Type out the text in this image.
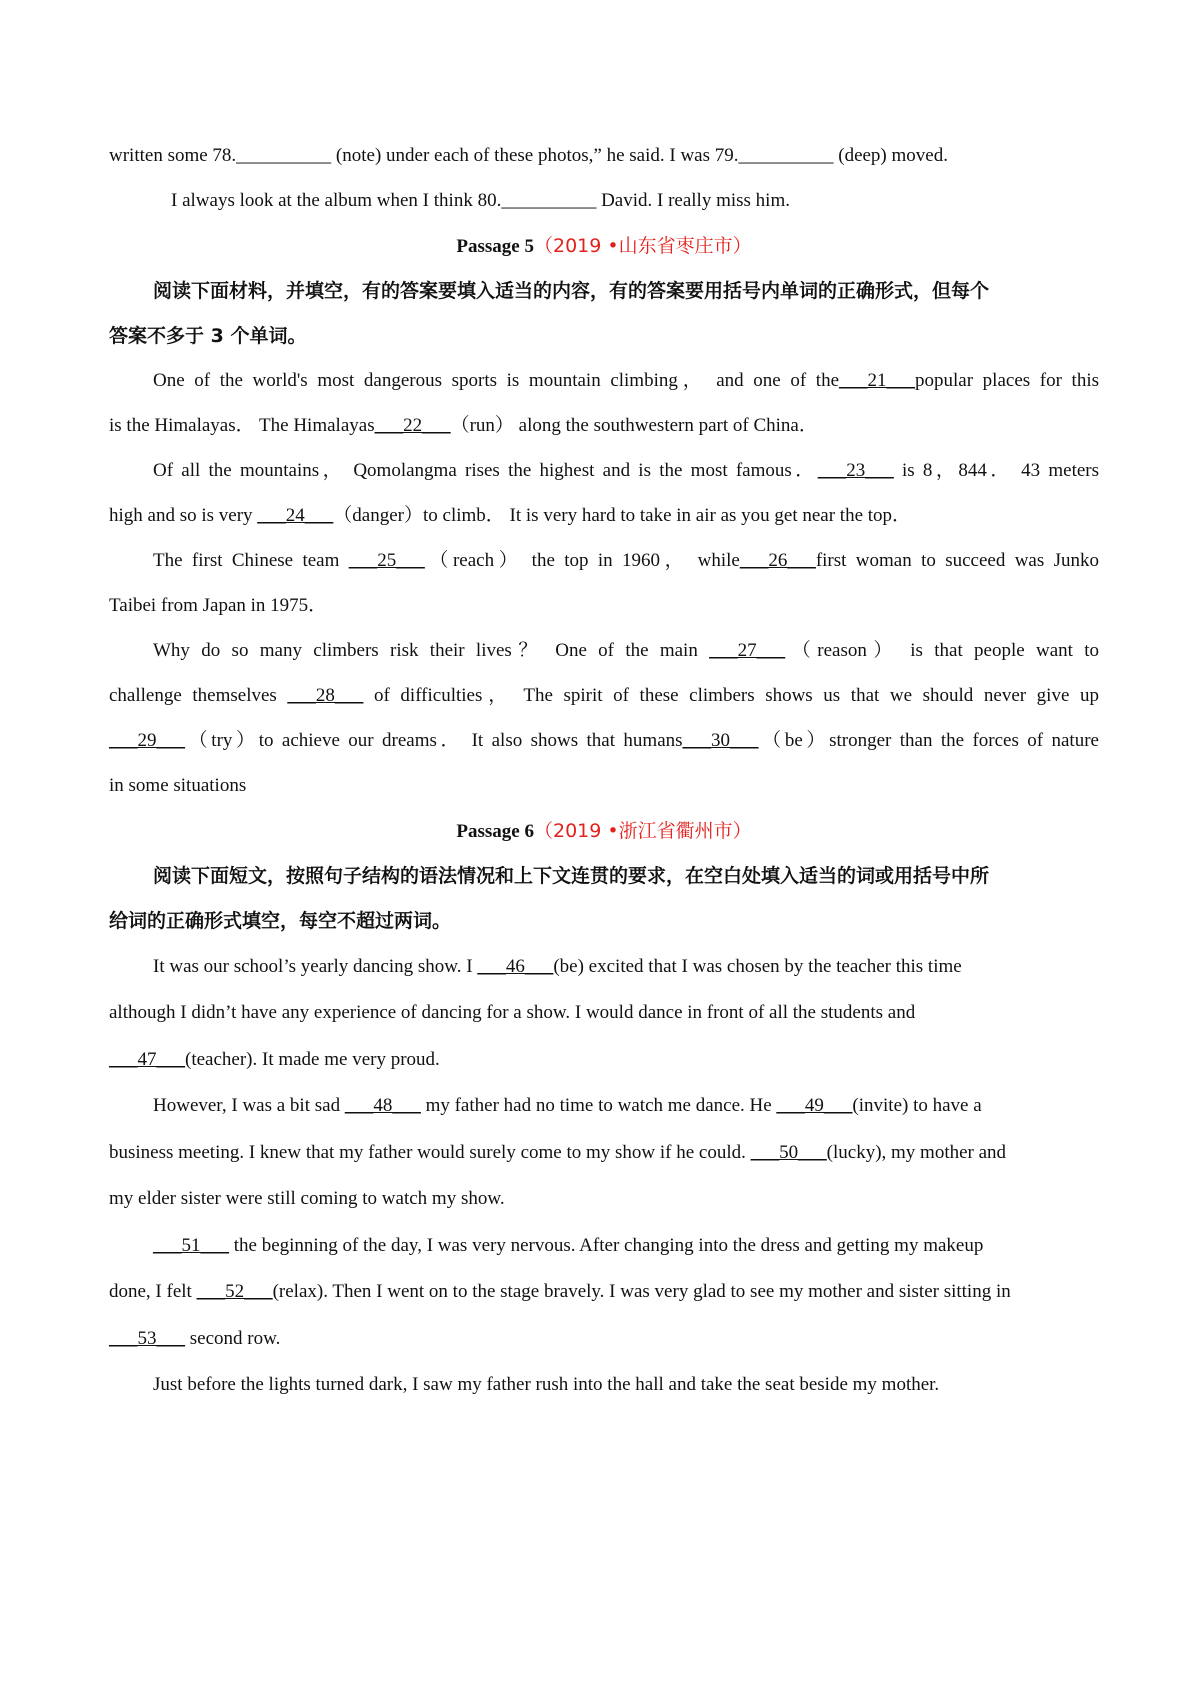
written some 78.__________ (note) under each of these photos,” he said. I was 79.__________ (deep) moved.
I always look at the album when I think 80.__________ David. I really miss him.
Passage 5（2019 •山东省枣庄市）
阅读下面材料，并填空，有的答案要填入适当的内容，有的答案要用括号内单词的正确形式，但每个
答案不多于 3 个单词。
One of the world's most dangerous sports is mountain climbing， and one of the___21___popular places for this
is the Himalayas． The Himalayas___22___（run） along the southwestern part of China．
Of all the mountains， Qomolangma rises the highest and is the most famous．___23___ is 8，844． 43 meters
high and so is very ___24___（danger）to climb． It is very hard to take in air as you get near the top．
The first Chinese team ___25___（reach） the top in 1960， while___26___first woman to succeed was Junko
Taibei from Japan in 1975．
Why do so many climbers risk their lives？ One of the main ___27___（reason） is that people want to
challenge themselves ___28___ of difficulties， The spirit of these climbers shows us that we should never give up
___29___（try）to achieve our dreams． It also shows that humans___30___（be）stronger than the forces of nature
in some situations
Passage 6（2019 •浙江省衢州市）
阅读下面短文，按照句子结构的语法情况和上下文连贯的要求，在空白处填入适当的词或用括号中所
给词的正确形式填空，每空不超过两词。
It was our school’s yearly dancing show. I ___46___(be) excited that I was chosen by the teacher this time
although I didn’t have any experience of dancing for a show. I would dance in front of all the students and
___47___(teacher). It made me very proud.
However, I was a bit sad ___48___ my father had no time to watch me dance. He ___49___(invite) to have a
business meeting. I knew that my father would surely come to my show if he could. ___50___(lucky), my mother and
my elder sister were still coming to watch my show.
___51___ the beginning of the day, I was very nervous. After changing into the dress and getting my makeup
done, I felt ___52___(relax). Then I went on to the stage bravely. I was very glad to see my mother and sister sitting in
___53___ second row.
Just before the lights turned dark, I saw my father rush into the hall and take the seat beside my mother.
